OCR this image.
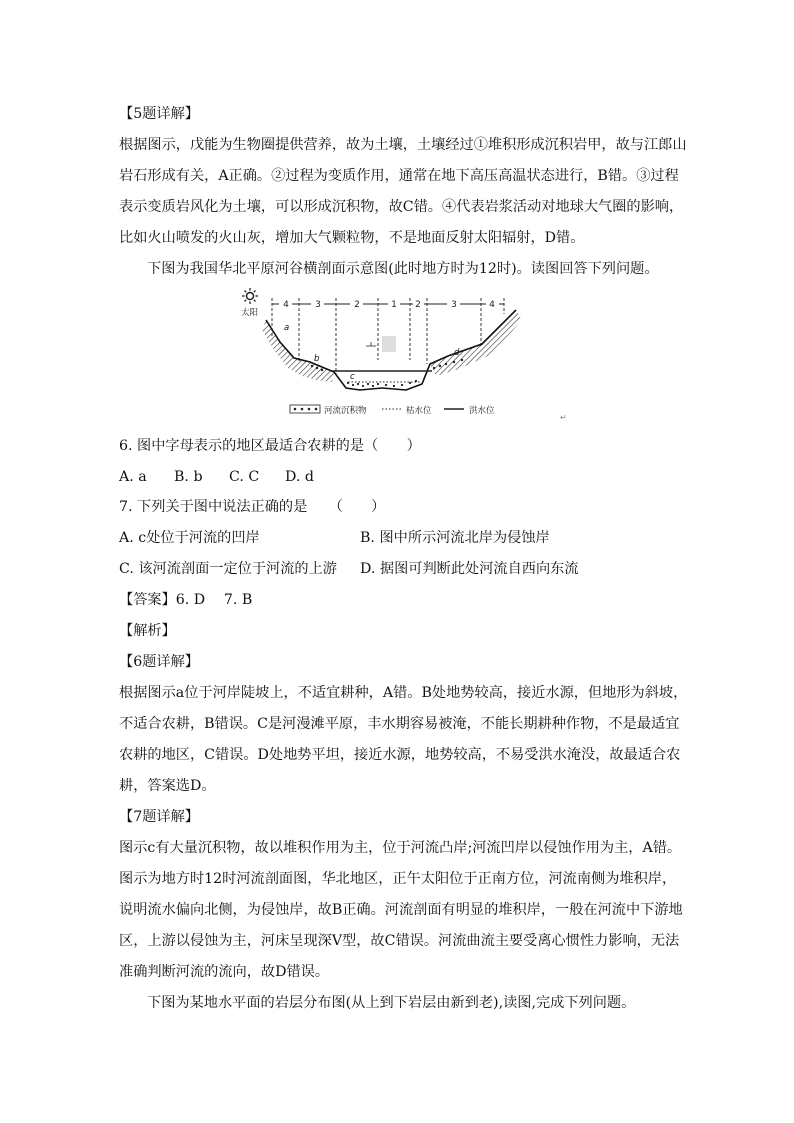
【5题详解】
根据图示，戊能为生物圈提供营养，故为土壤，土壤经过①堆积形成沉积岩甲，故与江郎山
岩石形成有关，A正确。②过程为变质作用，通常在地下高压高温状态进行，B错。③过程
表示变质岩风化为土壤，可以形成沉积物，故C错。④代表岩浆活动对地球大气圈的影响，
比如火山喷发的火山灰，增加大气颗粒物，不是地面反射太阳辐射，D错。
下图为我国华北平原河谷横剖面示意图(此时地方时为12时)。读图回答下列问题。
太阳
4	3	2	1 2	3	4
a
b
c
d
河流沉积物	枯水位	洪水位
↵
6. 图中字母表示的地区最适合农耕的是（　　）
A. a B. b C. C D. d
7. 下列关于图中说法正确的是　　（　　）
A. c处位于河流的凹岸	B. 图中所示河流北岸为侵蚀岸
C. 该河流剖面一定位于河流的上游 D. 据图可判断此处河流自西向东流
【答案】6. D　 7. B
【解析】
【6题详解】
根据图示a位于河岸陡坡上，不适宜耕种，A错。B处地势较高，接近水源，但地形为斜坡，
不适合农耕，B错误。C是河漫滩平原，丰水期容易被淹，不能长期耕种作物，不是最适宜
农耕的地区，C错误。D处地势平坦，接近水源，地势较高，不易受洪水淹没，故最适合农
耕，答案选D。
【7题详解】
图示c有大量沉积物，故以堆积作用为主，位于河流凸岸;河流凹岸以侵蚀作用为主，A错。
图示为地方时12时河流剖面图，华北地区，正午太阳位于正南方位，河流南侧为堆积岸，
说明流水偏向北侧，为侵蚀岸，故B正确。河流剖面有明显的堆积岸，一般在河流中下游地
区，上游以侵蚀为主，河床呈现深V型，故C错误。河流曲流主要受离心惯性力影响，无法
准确判断河流的流向，故D错误。
下图为某地水平面的岩层分布图(从上到下岩层由新到老),读图,完成下列问题。
